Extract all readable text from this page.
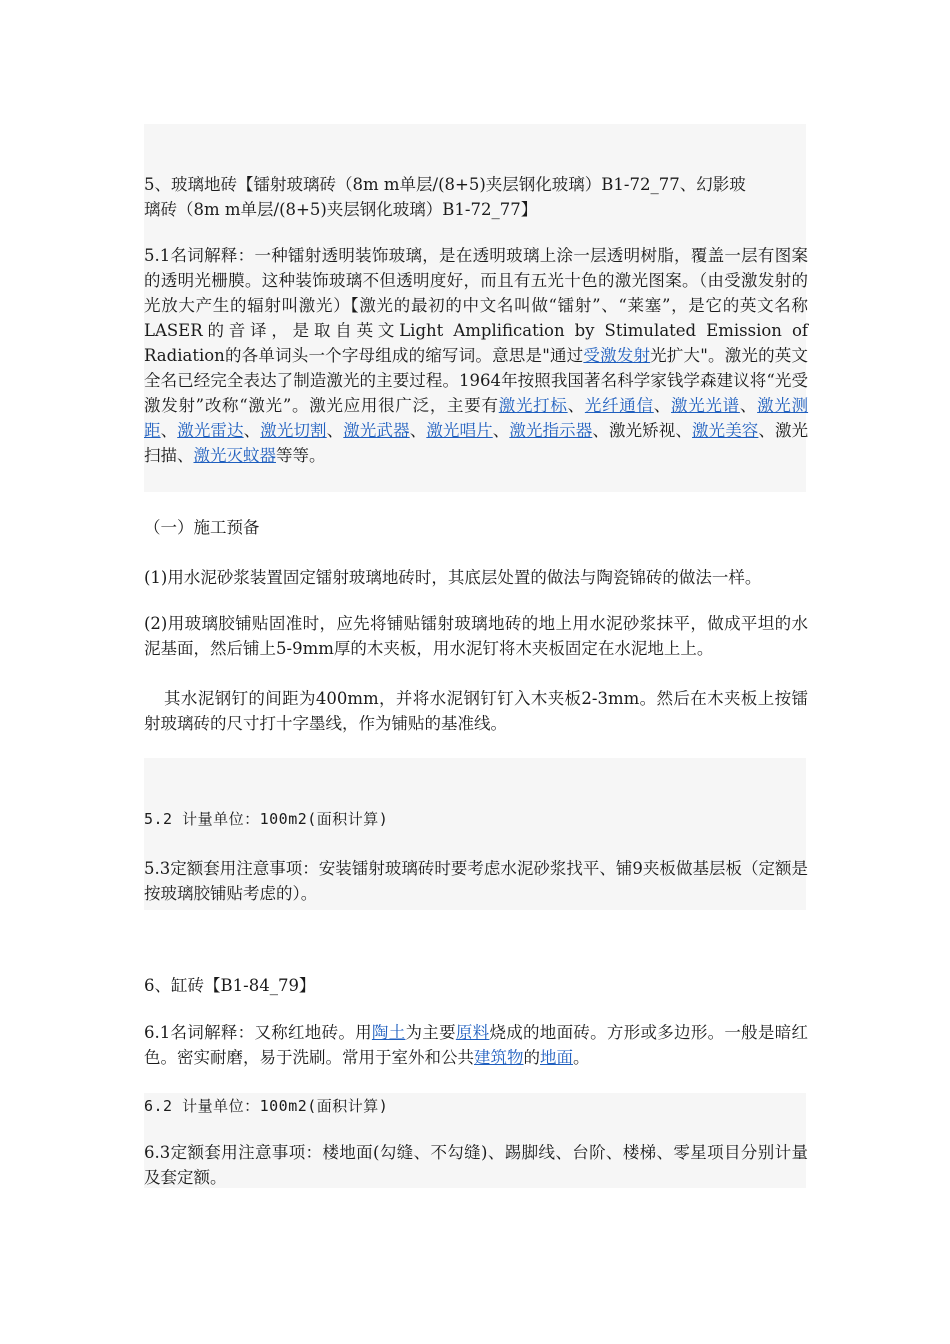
5、玻璃地砖【镭射玻璃砖（8m m单层/(8+5)夹层钢化玻璃）B1-72_77、幻影玻
璃砖（8m m单层/(8+5)夹层钢化玻璃）B1-72_77】

5.1名词解释：一种镭射透明装饰玻璃，是在透明玻璃上涂一层透明树脂，覆盖一层有图案的透明光栅膜。这种装饰玻璃不但透明度好，而且有五光十色的激光图案。（由受激发射的光放大产生的辐射叫激光）【激光的最初的中文名叫做“镭射”、“莱塞”，是它的英文名称LASER的音译，是取自英文Light Amplification by Stimulated Emission of Radiation的各单词头一个字母组成的缩写词。意思是"通过受激发射光扩大"。激光的英文全名已经完全表达了制造激光的主要过程。1964年按照我国著名科学家钱学森建议将“光受激发射”改称“激光”。激光应用很广泛，主要有激光打标、光纤通信、激光光谱、激光测距、激光雷达、激光切割、激光武器、激光唱片、激光指示器、激光矫视、激光美容、激光扫描、激光灭蚊器等等。

（一）施工预备

(1)用水泥砂浆装置固定镭射玻璃地砖时，其底层处置的做法与陶瓷锦砖的做法一样。

(2)用玻璃胶铺贴固准时，应先将铺贴镭射玻璃地砖的地上用水泥砂浆抹平，做成平坦的水泥基面，然后铺上5-9mm厚的木夹板，用水泥钉将木夹板固定在水泥地上上。

其水泥钢钉的间距为400mm，并将水泥钢钉钉入木夹板2-3mm。然后在木夹板上按镭射玻璃砖的尺寸打十字墨线，作为铺贴的基准线。

5.2 计量单位：100m2(面积计算)

5.3定额套用注意事项：安装镭射玻璃砖时要考虑水泥砂浆找平、铺9夹板做基层板（定额是按玻璃胶铺贴考虑的）。

6、缸砖【B1-84_79】

6.1名词解释：又称红地砖。用陶土为主要原料烧成的地面砖。方形或多边形。一般是暗红色。密实耐磨，易于洗刷。常用于室外和公共建筑物的地面。

6.2 计量单位：100m2(面积计算)

6.3定额套用注意事项：楼地面(勾缝、不勾缝)、踢脚线、台阶、楼梯、零星项目分别计量及套定额。
